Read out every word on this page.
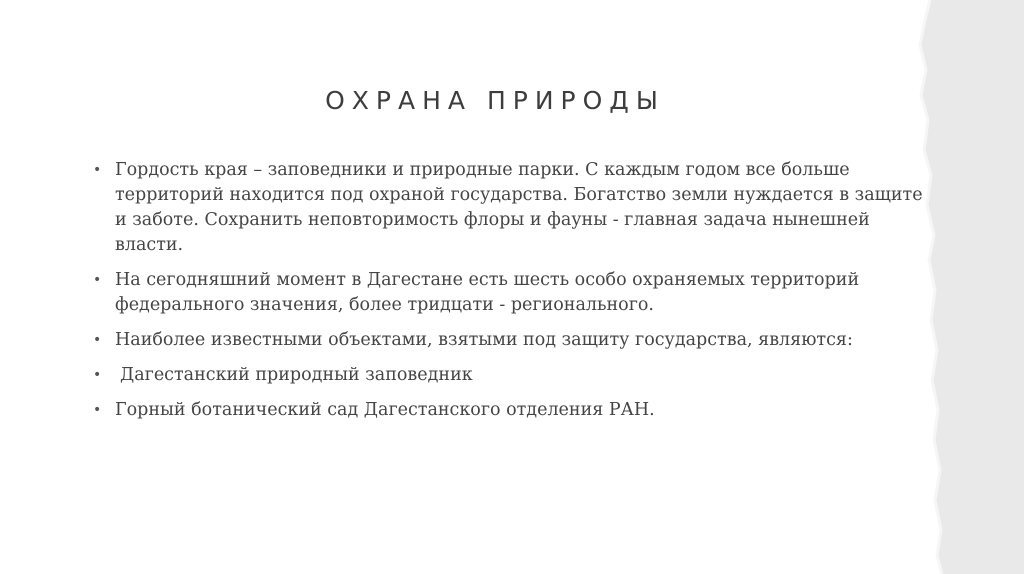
ОХРАНА ПРИРОДЫ
• Гордость края – заповедники и природные парки. С каждым годом все больше территорий находится под охраной государства. Богатство земли нуждается в защите и заботе. Сохранить неповторимость флоры и фауны - главная задача нынешней власти.
• На сегодняшний момент в Дагестане есть шесть особо охраняемых территорий федерального значения, более тридцати - регионального.
• Наиболее известными объектами, взятыми под защиту государства, являются:
• Дагестанский природный заповедник
• Горный ботанический сад Дагестанского отделения РАН.
